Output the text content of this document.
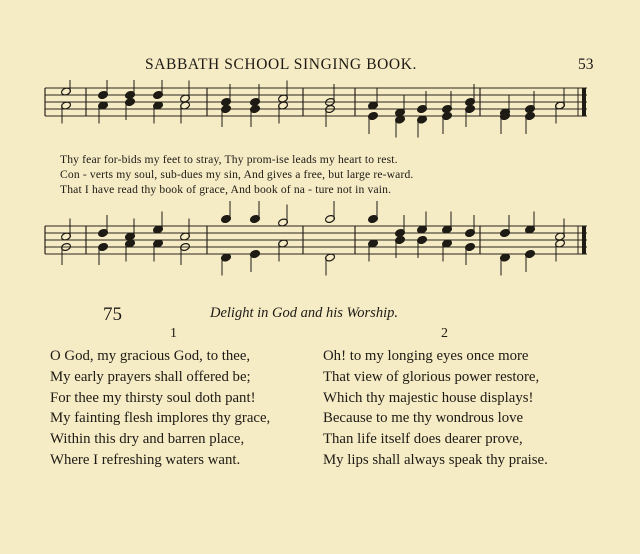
SABBATH SCHOOL SINGING BOOK.	53
Thy fear for-bids my feet to stray, Thy prom-ise leads my heart to rest.
Con - verts my soul, sub-dues my sin, And gives a free, but large re-ward.
That I have read thy book of grace, And book of na - ture not in vain.
75	Delight in God and his Worship.
1	2
O God, my gracious God, to thee,
My early prayers shall offered be;
For thee my thirsty soul doth pant!
My fainting flesh implores thy grace,
Within this dry and barren place,
Where I refreshing waters want.
Oh! to my longing eyes once more
That view of glorious power restore,
Which thy majestic house displays!
Because to me thy wondrous love
Than life itself does dearer prove,
My lips shall always speak thy praise.
